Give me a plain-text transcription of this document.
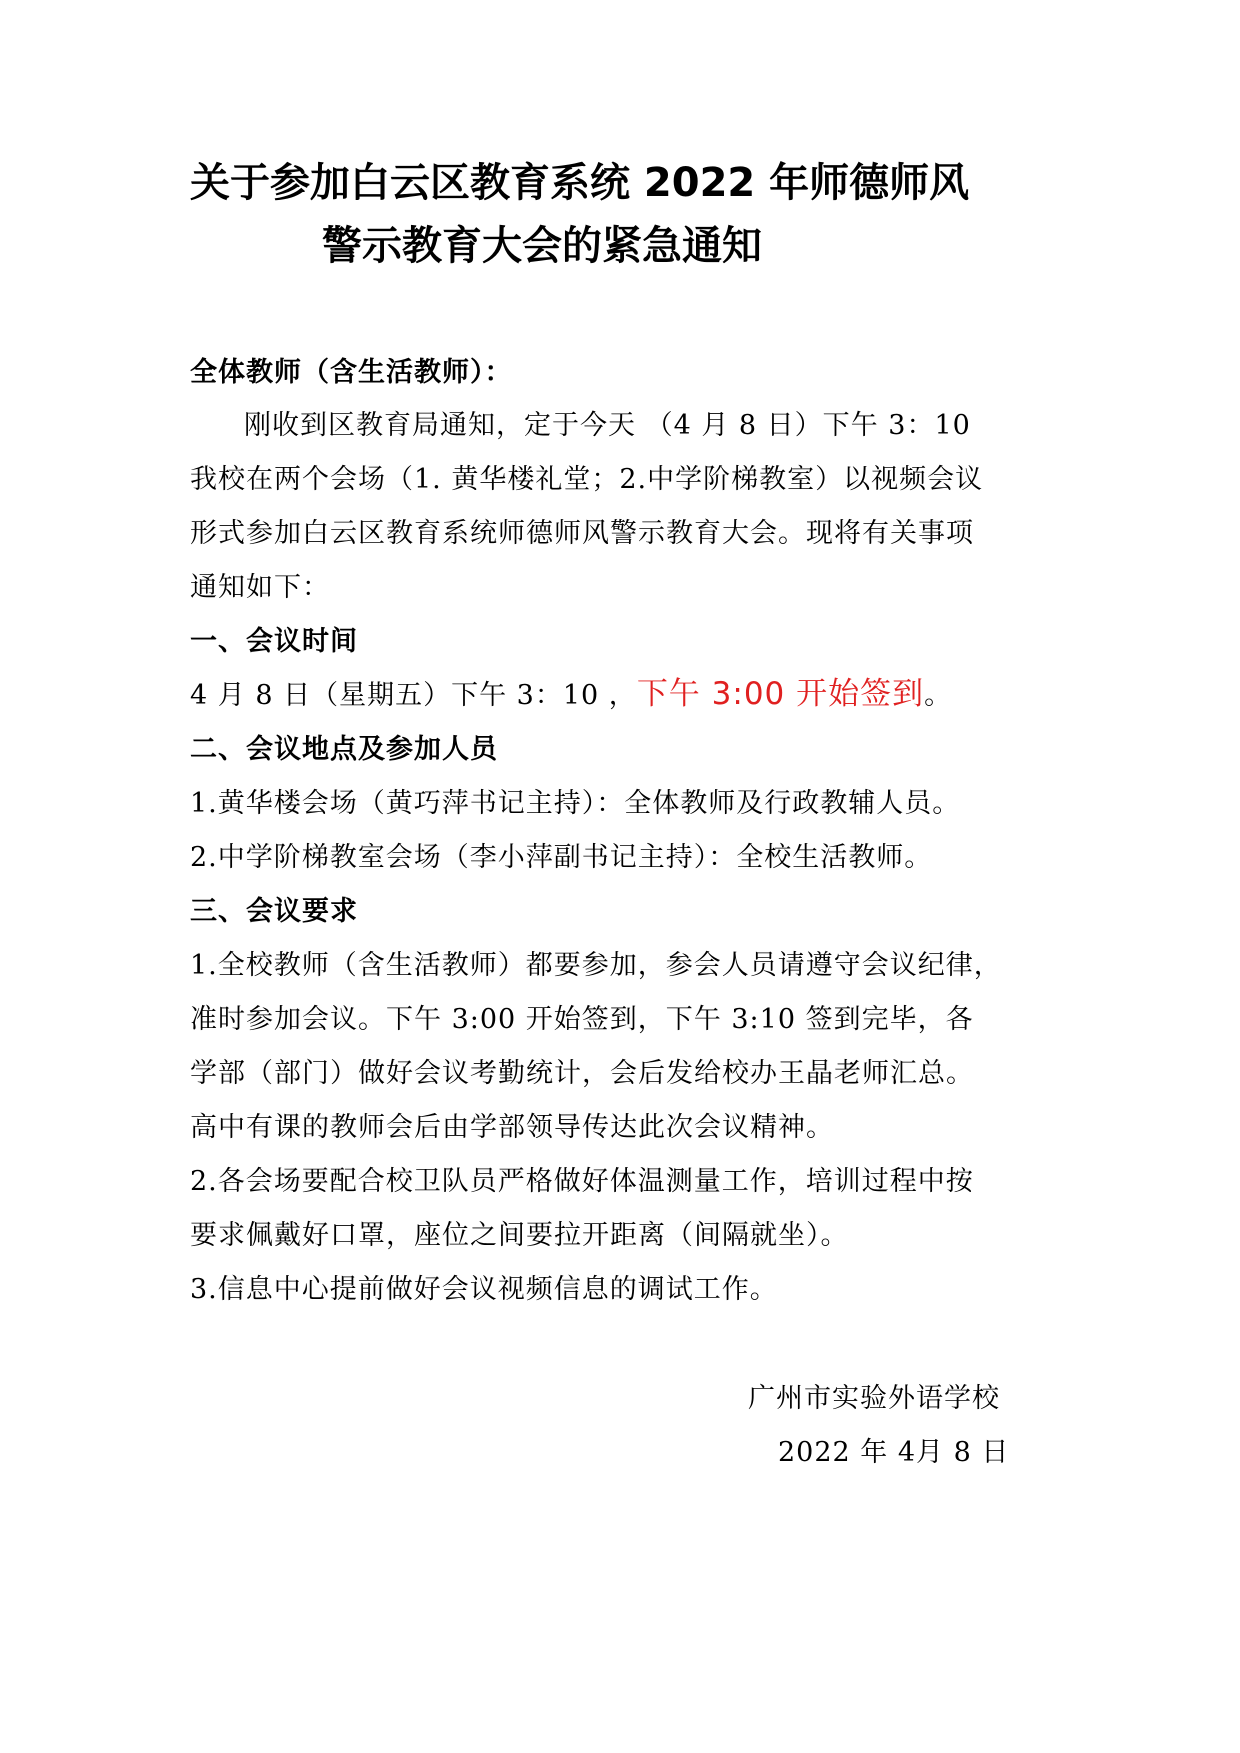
关于参加白云区教育系统 2022 年师德师风
警示教育大会的紧急通知
全体教师（含生活教师）：
刚收到区教育局通知，定于今天 （4 月 8 日）下午 3：10
我校在两个会场（1. 黄华楼礼堂；2.中学阶梯教室）以视频会议
形式参加白云区教育系统师德师风警示教育大会。现将有关事项
通知如下：
一、会议时间
4 月 8 日（星期五）下午 3：10 ，下午 3:00 开始签到。
二、会议地点及参加人员
1.黄华楼会场（黄巧萍书记主持）：全体教师及行政教辅人员。
2.中学阶梯教室会场（李小萍副书记主持）：全校生活教师。
三、会议要求
1.全校教师（含生活教师）都要参加，参会人员请遵守会议纪律，
准时参加会议。下午 3:00 开始签到，下午 3:10 签到完毕，各
学部（部门）做好会议考勤统计，会后发给校办王晶老师汇总。
高中有课的教师会后由学部领导传达此次会议精神。
2.各会场要配合校卫队员严格做好体温测量工作，培训过程中按
要求佩戴好口罩，座位之间要拉开距离（间隔就坐）。
3.信息中心提前做好会议视频信息的调试工作。
广州市实验外语学校
2022 年 4月 8 日
